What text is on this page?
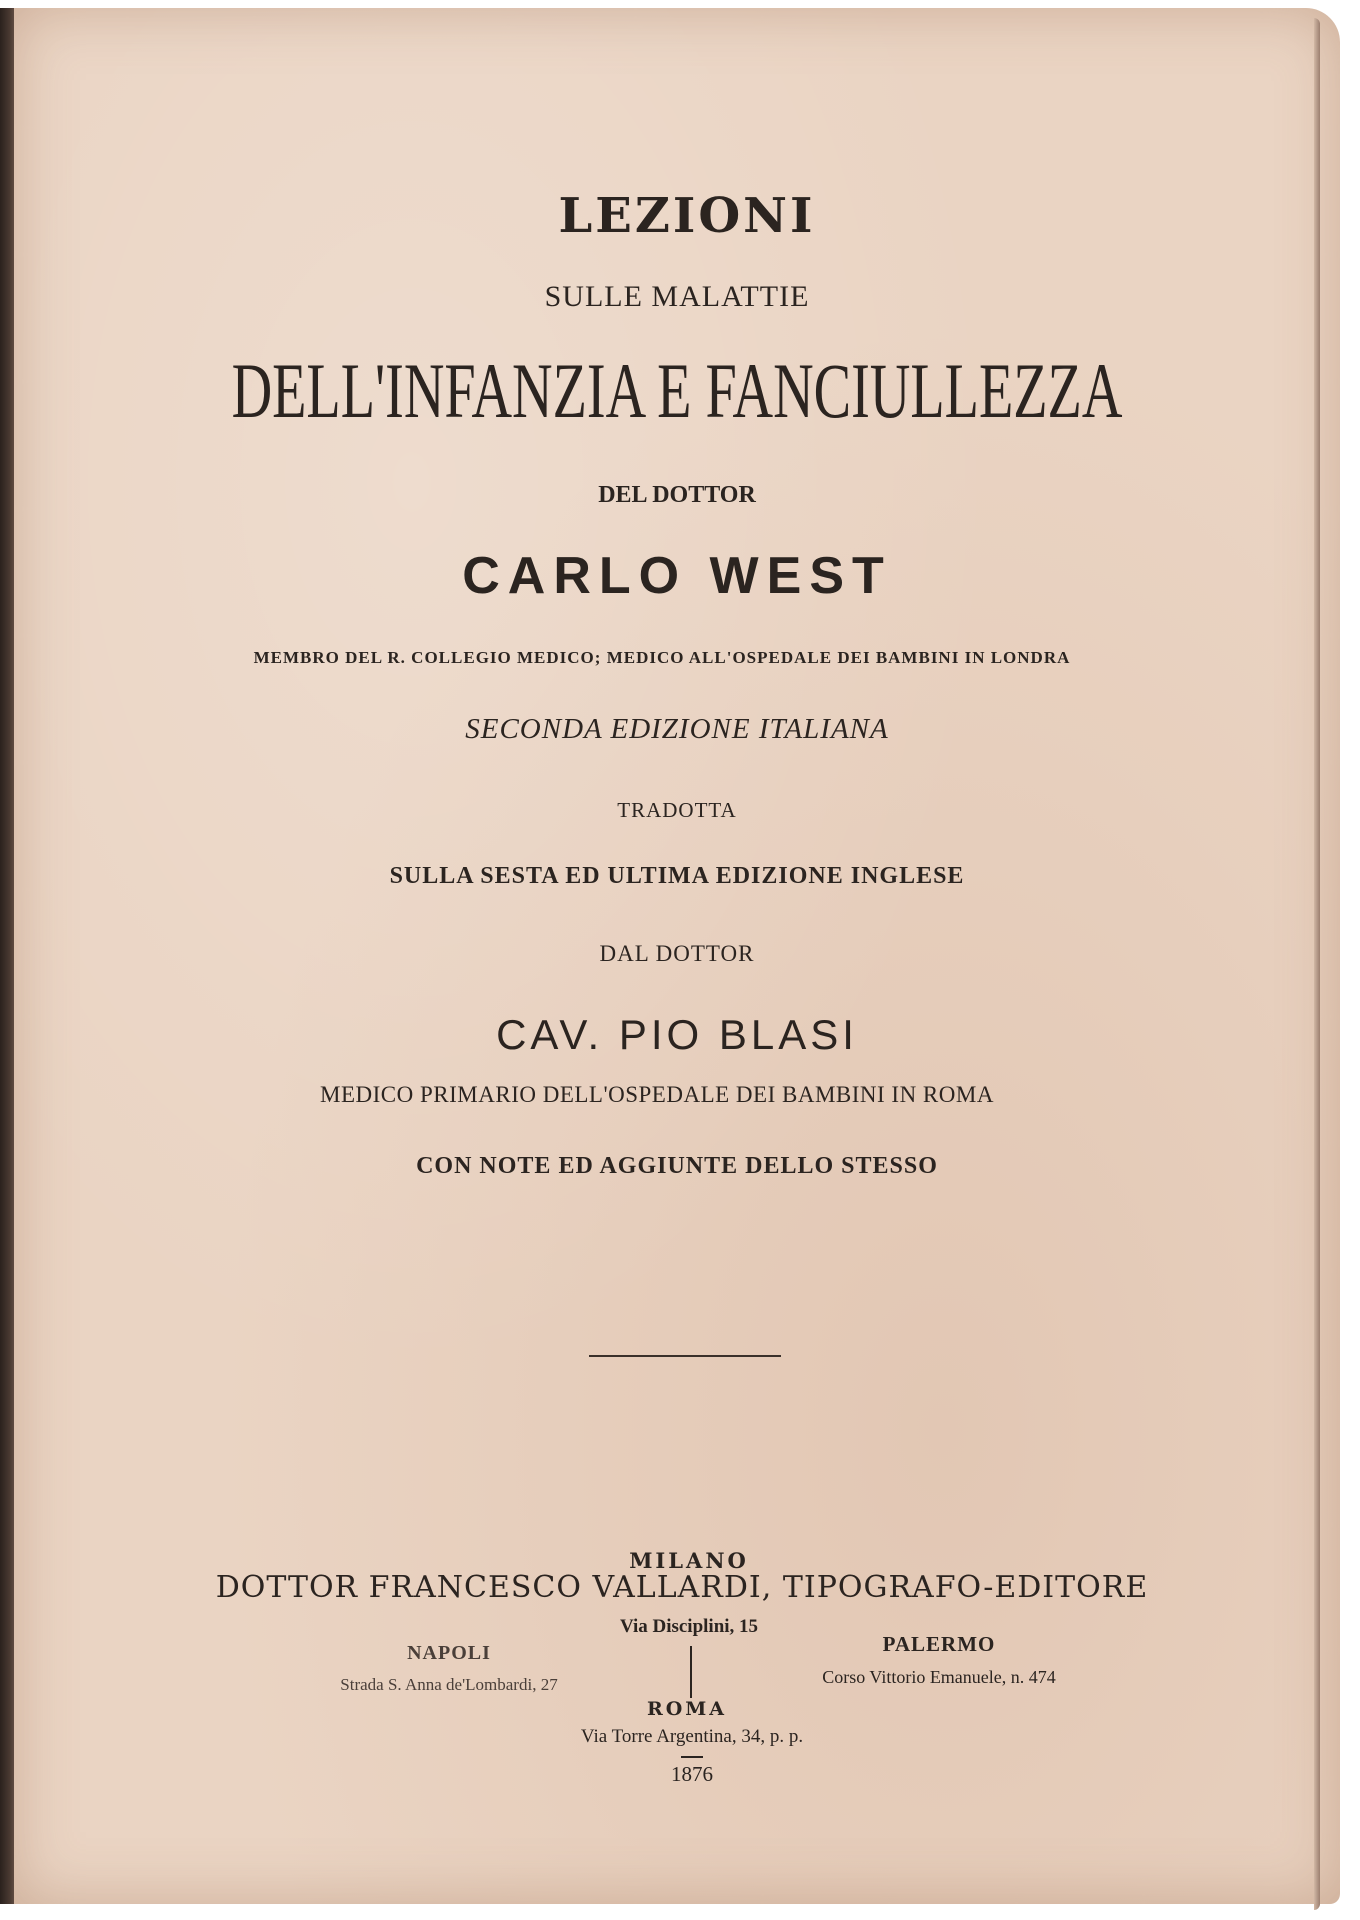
LEZIONI
SULLE MALATTIE
DELL'INFANZIA E FANCIULLEZZA
DEL DOTTOR
CARLO WEST
MEMBRO DEL R. COLLEGIO MEDICO; MEDICO ALL'OSPEDALE DEI BAMBINI IN LONDRA
SECONDA EDIZIONE ITALIANA
TRADOTTA
SULLA SESTA ED ULTIMA EDIZIONE INGLESE
DAL DOTTOR
CAV. PIO BLASI
MEDICO PRIMARIO DELL'OSPEDALE DEI BAMBINI IN ROMA
CON NOTE ED AGGIUNTE DELLO STESSO
MILANO
DOTTOR FRANCESCO VALLARDI, TIPOGRAFO-EDITORE
Via Disciplini, 15
NAPOLI
Strada S. Anna de'Lombardi, 27
PALERMO
Corso Vittorio Emanuele, n. 474
ROMA
Via Torre Argentina, 34, p. p.
1876
